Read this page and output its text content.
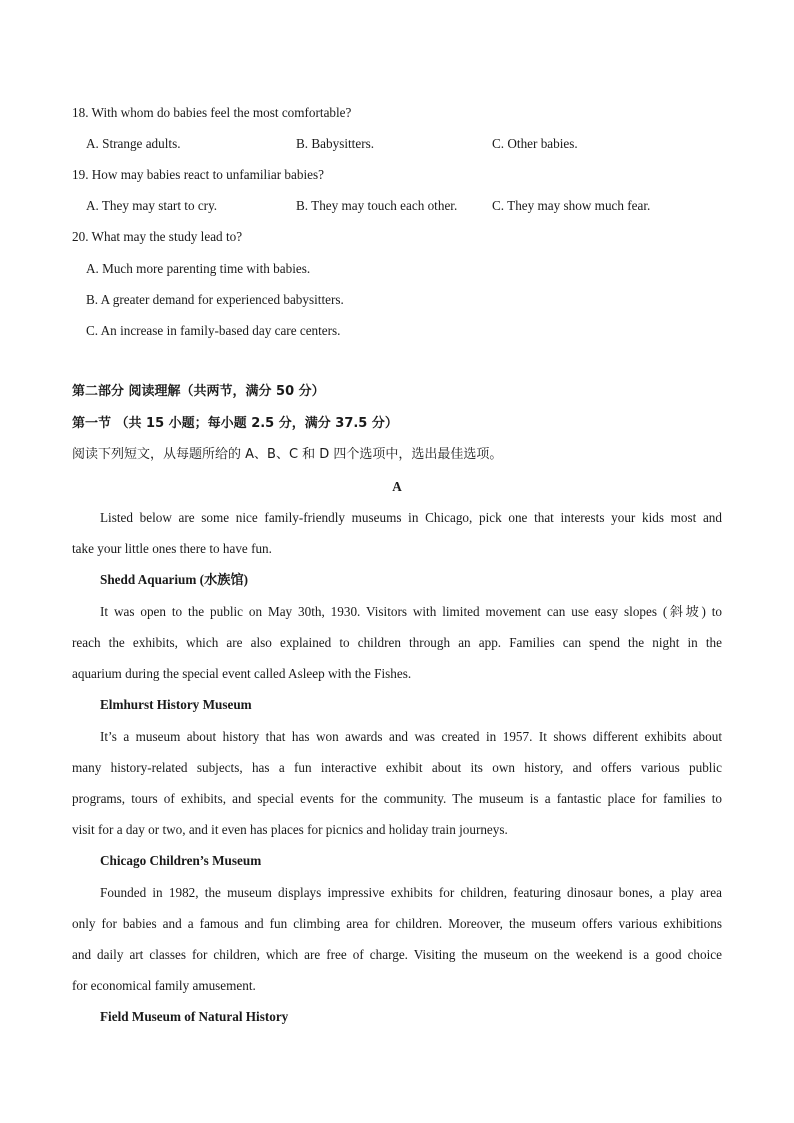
18. With whom do babies feel the most comfortable?
A. Strange adults.	B. Babysitters.	C. Other babies.
19. How may babies react to unfamiliar babies?
A. They may start to cry.	B. They may touch each other.	C. They may show much fear.
20. What may the study lead to?
A. Much more parenting time with babies.
B. A greater demand for experienced babysitters.
C. An increase in family-based day care centers.
第二部分 阅读理解（共两节，满分 50 分）
第一节 （共 15 小题；每小题 2.5 分，满分 37.5 分）
阅读下列短文，从每题所给的 A、B、C 和 D 四个选项中，选出最佳选项。
A
Listed below are some nice family-friendly museums in Chicago, pick one that interests your kids most and
take your little ones there to have fun.
Shedd Aquarium (水族馆)
It was open to the public on May 30th, 1930. Visitors with limited movement can use easy slopes (斜坡) to
reach the exhibits, which are also explained to children through an app. Families can spend the night in the
aquarium during the special event called Asleep with the Fishes.
Elmhurst History Museum
It’s a museum about history that has won awards and was created in 1957. It shows different exhibits about
many history-related subjects, has a fun interactive exhibit about its own history, and offers various public
programs, tours of exhibits, and special events for the community. The museum is a fantastic place for families to
visit for a day or two, and it even has places for picnics and holiday train journeys.
Chicago Children’s Museum
Founded in 1982, the museum displays impressive exhibits for children, featuring dinosaur bones, a play area
only for babies and a famous and fun climbing area for children. Moreover, the museum offers various exhibitions
and daily art classes for children, which are free of charge. Visiting the museum on the weekend is a good choice
for economical family amusement.
Field Museum of Natural History
